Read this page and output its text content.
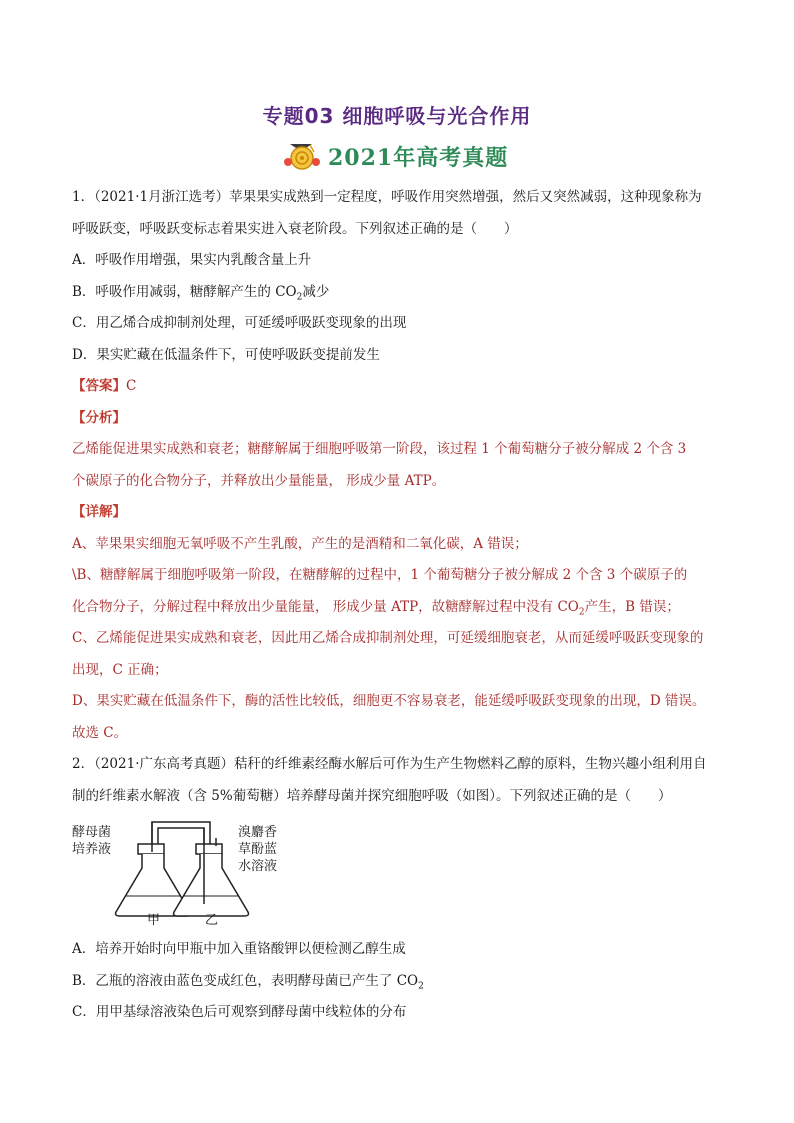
专题03 细胞呼吸与光合作用
2021年高考真题

1．（2021·1月浙江选考）苹果果实成熟到一定程度，呼吸作用突然增强，然后又突然减弱，这种现象称为

呼吸跃变，呼吸跃变标志着果实进入衰老阶段。下列叙述正确的是（　　）

A．呼吸作用增强，果实内乳酸含量上升

B．呼吸作用减弱，糖酵解产生的 $CO_2$减少

C．用乙烯合成抑制剂处理，可延缓呼吸跃变现象的出现

D．果实贮藏在低温条件下，可使呼吸跃变提前发生

【答案】C

【分析】

乙烯能促进果实成熟和衰老；糖酵解属于细胞呼吸第一阶段，该过程 1 个葡萄糖分子被分解成 2 个含 3

个碳原子的化合物分子，并释放出少量能量， 形成少量 ATP。

【详解】

A、苹果果实细胞无氧呼吸不产生乳酸，产生的是酒精和二氧化碳，A 错误；

\B、糖酵解属于细胞呼吸第一阶段，在糖酵解的过程中，1 个葡萄糖分子被分解成 2 个含 3 个碳原子的

化合物分子，分解过程中释放出少量能量， 形成少量 ATP，故糖酵解过程中没有 $CO_2$产生，B 错误；

C、乙烯能促进果实成熟和衰老，因此用乙烯合成抑制剂处理，可延缓细胞衰老，从而延缓呼吸跃变现象的

出现，C 正确；

D、果实贮藏在低温条件下，酶的活性比较低，细胞更不容易衰老，能延缓呼吸跃变现象的出现，D 错误。

故选 C。

2．（2021·广东高考真题）秸秆的纤维素经酶水解后可作为生产生物燃料乙醇的原料，生物兴趣小组利用自

制的纤维素水解液（含 5%葡萄糖）培养酵母菌并探究细胞呼吸（如图）。下列叙述正确的是（　　）

酵母菌
培养液
溴麝香
草酚蓝
水溶液
甲	乙

A．培养开始时向甲瓶中加入重铬酸钾以便检测乙醇生成

B．乙瓶的溶液由蓝色变成红色，表明酵母菌已产生了 $CO_2$

C．用甲基绿溶液染色后可观察到酵母菌中线粒体的分布
